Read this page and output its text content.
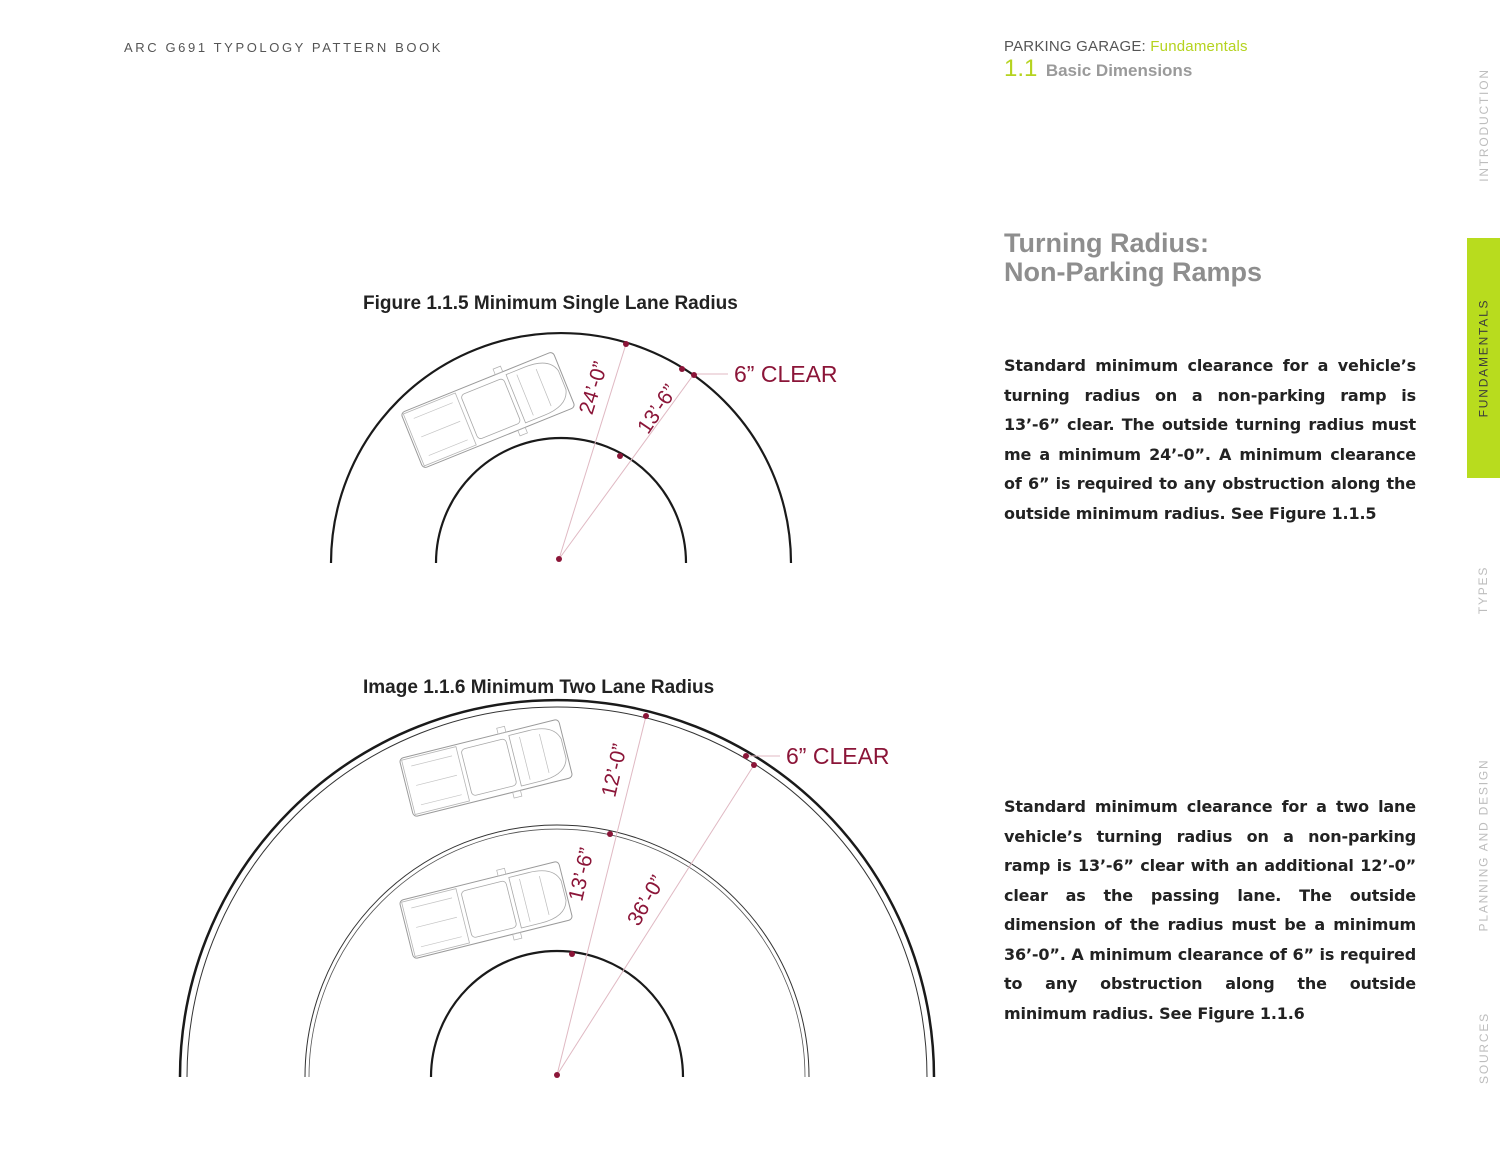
ARC G691 TYPOLOGY PATTERN BOOK	PARKING GARAGE: Fundamentals
1.1 Basic Dimensions
Turning Radius:
Non-Parking Ramps
Standard minimum clearance for a vehicle’s turning radius on a non-parking ramp is 13’-6” clear. The outside turning radius must me a minimum 24’-0”. A minimum clearance of 6” is required to any obstruction along the outside minimum radius. See Figure 1.1.5
Standard minimum clearance for a two lane vehicle’s turning radius on a non-parking ramp is 13’-6” clear with an additional 12’-0” clear as the passing lane. The outside dimension of the radius must be a minimum 36’-0”. A minimum clearance of 6” is required to any obstruction along the outside minimum radius. See Figure 1.1.6
Figure 1.1.5 Minimum Single Lane Radius
Image 1.1.6 Minimum Two Lane Radius
24’-0” 13’-6”
6” CLEAR
12’-0”
13’-6” 36’-0”
6” CLEAR
INTRODUCTION
FUNDAMENTALS
TYPES
PLANNING AND DESIGN
SOURCES
